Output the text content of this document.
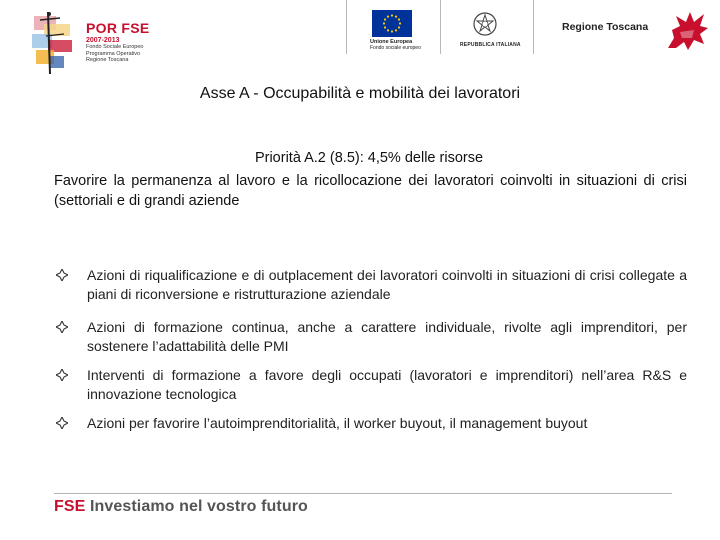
POR FSE
2007-2013
Fondo Sociale Europeo
Programma Operativo
Regione Toscana
Unione Europea
Fondo sociale europeo	REPUBBLICA ITALIANA
Regione Toscana
Asse A - Occupabilità e mobilità dei lavoratori
Priorità A.2 (8.5): 4,5% delle risorse
Favorire la permanenza al lavoro e la ricollocazione dei lavoratori coinvolti in situazioni di crisi (settoriali e di grandi aziende
Azioni di riqualificazione e di outplacement dei lavoratori coinvolti in situazioni di crisi collegate a piani di riconversione e ristrutturazione aziendale
Azioni di formazione continua, anche a carattere individuale, rivolte agli imprenditori, per sostenere l’adattabilità delle PMI
Interventi di formazione a favore degli occupati (lavoratori e imprenditori) nell’area R&S e innovazione tecnologica
Azioni per favorire l’autoimprenditorialità, il worker buyout, il management buyout
FSE Investiamo nel vostro futuro
